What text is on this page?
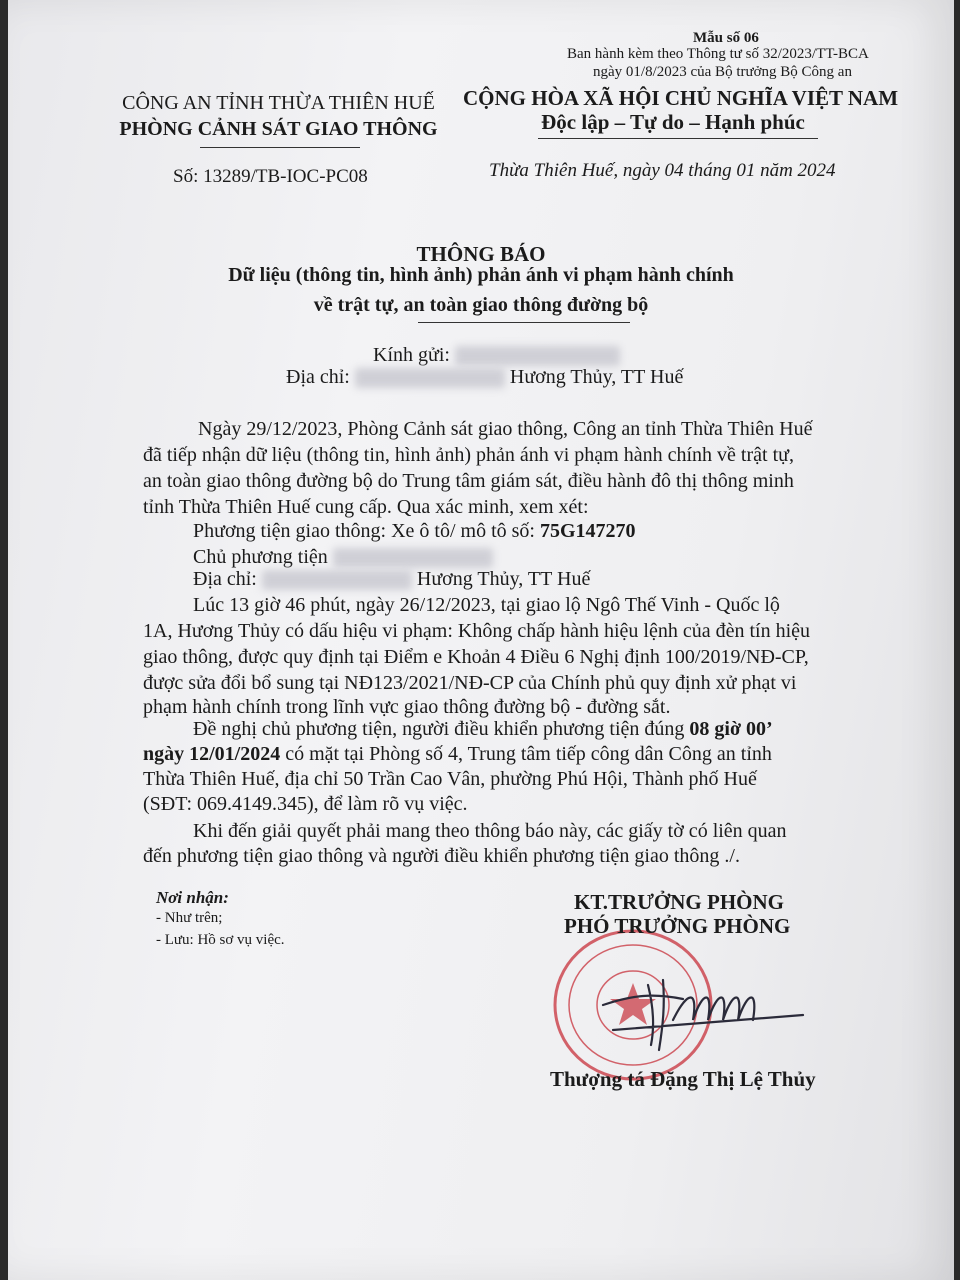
Mẫu số 06
Ban hành kèm theo Thông tư số 32/2023/TT-BCA
ngày 01/8/2023 của Bộ trưởng Bộ Công an
CÔNG AN TỈNH THỪA THIÊN HUẾ
PHÒNG CẢNH SÁT GIAO THÔNG
CỘNG HÒA XÃ HỘI CHỦ NGHĨA VIỆT NAM
Độc lập – Tự do – Hạnh phúc
Số: 13289/TB-IOC-PC08	Thừa Thiên Huế, ngày 04 tháng 01 năm 2024
THÔNG BÁO
Dữ liệu (thông tin, hình ảnh) phản ánh vi phạm hành chính
về trật tự, an toàn giao thông đường bộ
Kính gửi:
Địa chỉ:	Hương Thủy, TT Huế
Ngày 29/12/2023, Phòng Cảnh sát giao thông, Công an tỉnh Thừa Thiên Huế
đã tiếp nhận dữ liệu (thông tin, hình ảnh) phản ánh vi phạm hành chính về trật tự,
an toàn giao thông đường bộ do Trung tâm giám sát, điều hành đô thị thông minh
tỉnh Thừa Thiên Huế cung cấp. Qua xác minh, xem xét:
Phương tiện giao thông: Xe ô tô/ mô tô số: 75G147270
Chủ phương tiện
Địa chỉ:	Hương Thủy, TT Huế
Lúc 13 giờ 46 phút, ngày 26/12/2023, tại giao lộ Ngô Thế Vinh - Quốc lộ
1A, Hương Thủy có dấu hiệu vi phạm: Không chấp hành hiệu lệnh của đèn tín hiệu
giao thông, được quy định tại Điểm e Khoản 4 Điều 6 Nghị định 100/2019/NĐ-CP,
được sửa đổi bổ sung tại NĐ123/2021/NĐ-CP của Chính phủ quy định xử phạt vi
phạm hành chính trong lĩnh vực giao thông đường bộ - đường sắt.
Đề nghị chủ phương tiện, người điều khiển phương tiện đúng 08 giờ 00’
ngày 12/01/2024 có mặt tại Phòng số 4, Trung tâm tiếp công dân Công an tỉnh
Thừa Thiên Huế, địa chỉ 50 Trần Cao Vân, phường Phú Hội, Thành phố Huế
(SĐT: 069.4149.345), để làm rõ vụ việc.
Khi đến giải quyết phải mang theo thông báo này, các giấy tờ có liên quan
đến phương tiện giao thông và người điều khiển phương tiện giao thông ./.
Nơi nhận:
- Như trên;
- Lưu: Hồ sơ vụ việc.
KT.TRƯỞNG PHÒNG
PHÓ TRƯỞNG PHÒNG
Thượng tá Đặng Thị Lệ Thủy
